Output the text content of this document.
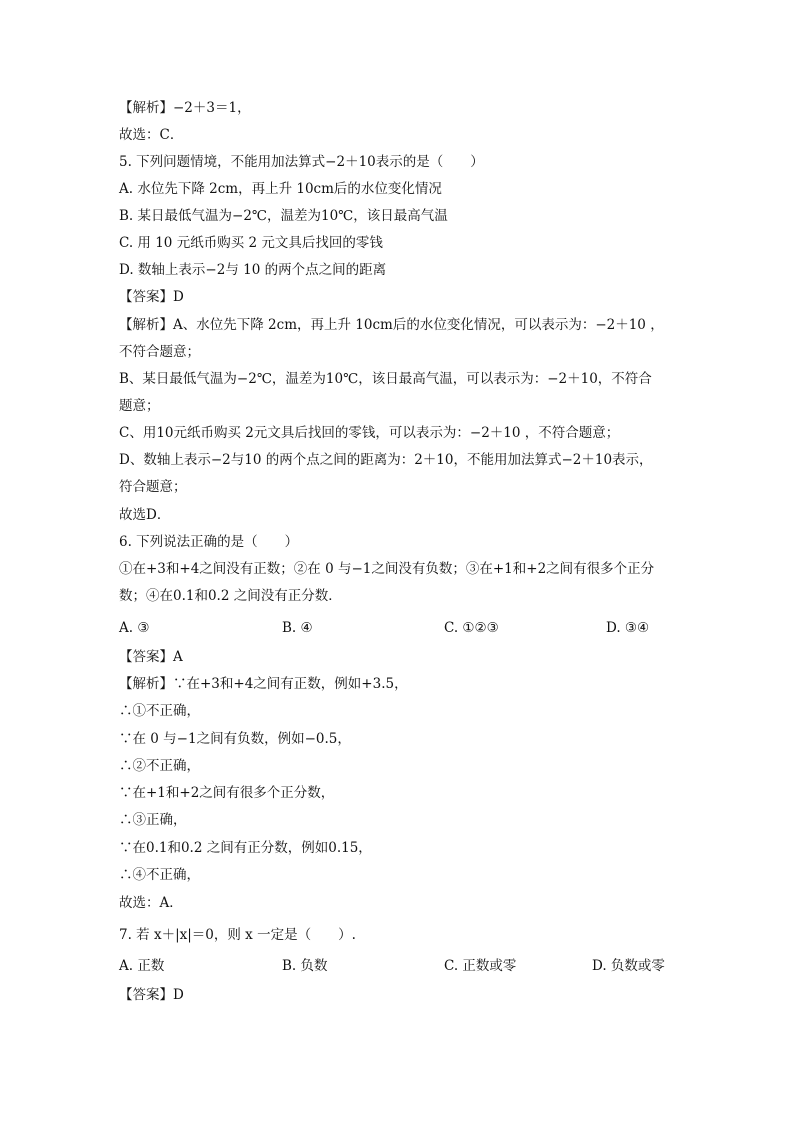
【解析】−2＋3＝1，
故选：C．
5. 下列问题情境，不能用加法算式−2＋10表示的是（　　）
A. 水位先下降 2cm，再上升 10cm后的水位变化情况
B. 某日最低气温为−2℃，温差为10℃，该日最高气温
C. 用 10 元纸币购买 2 元文具后找回的零钱
D. 数轴上表示−2与 10 的两个点之间的距离
【答案】D
【解析】A、水位先下降 2cm，再上升 10cm后的水位变化情况，可以表示为：−2＋10 ，
不符合题意；
B、某日最低气温为−2℃，温差为10℃，该日最高气温，可以表示为：−2＋10，不符合
题意；
C、用10元纸币购买 2元文具后找回的零钱，可以表示为：−2＋10 ，不符合题意；
D、数轴上表示−2与10 的两个点之间的距离为：2＋10，不能用加法算式−2＋10表示，
符合题意；
故选D．
6. 下列说法正确的是（　　）
①在+3和+4之间没有正数；②在 0 与−1之间没有负数；③在+1和+2之间有很多个正分
数；④在0.1和0.2 之间没有正分数．
A. ③	B. ④	C. ①②③	D. ③④
【答案】A
【解析】∵在+3和+4之间有正数，例如+3.5，
∴①不正确，
∵在 0 与−1之间有负数，例如−0.5，
∴②不正确，
∵在+1和+2之间有很多个正分数，
∴③正确，
∵在0.1和0.2 之间有正分数，例如0.15，
∴④不正确，
故选：A．
7. 若 x＋|x|＝0，则 x 一定是（　　）.
A. 正数	B. 负数	C. 正数或零	D. 负数或零
【答案】D
